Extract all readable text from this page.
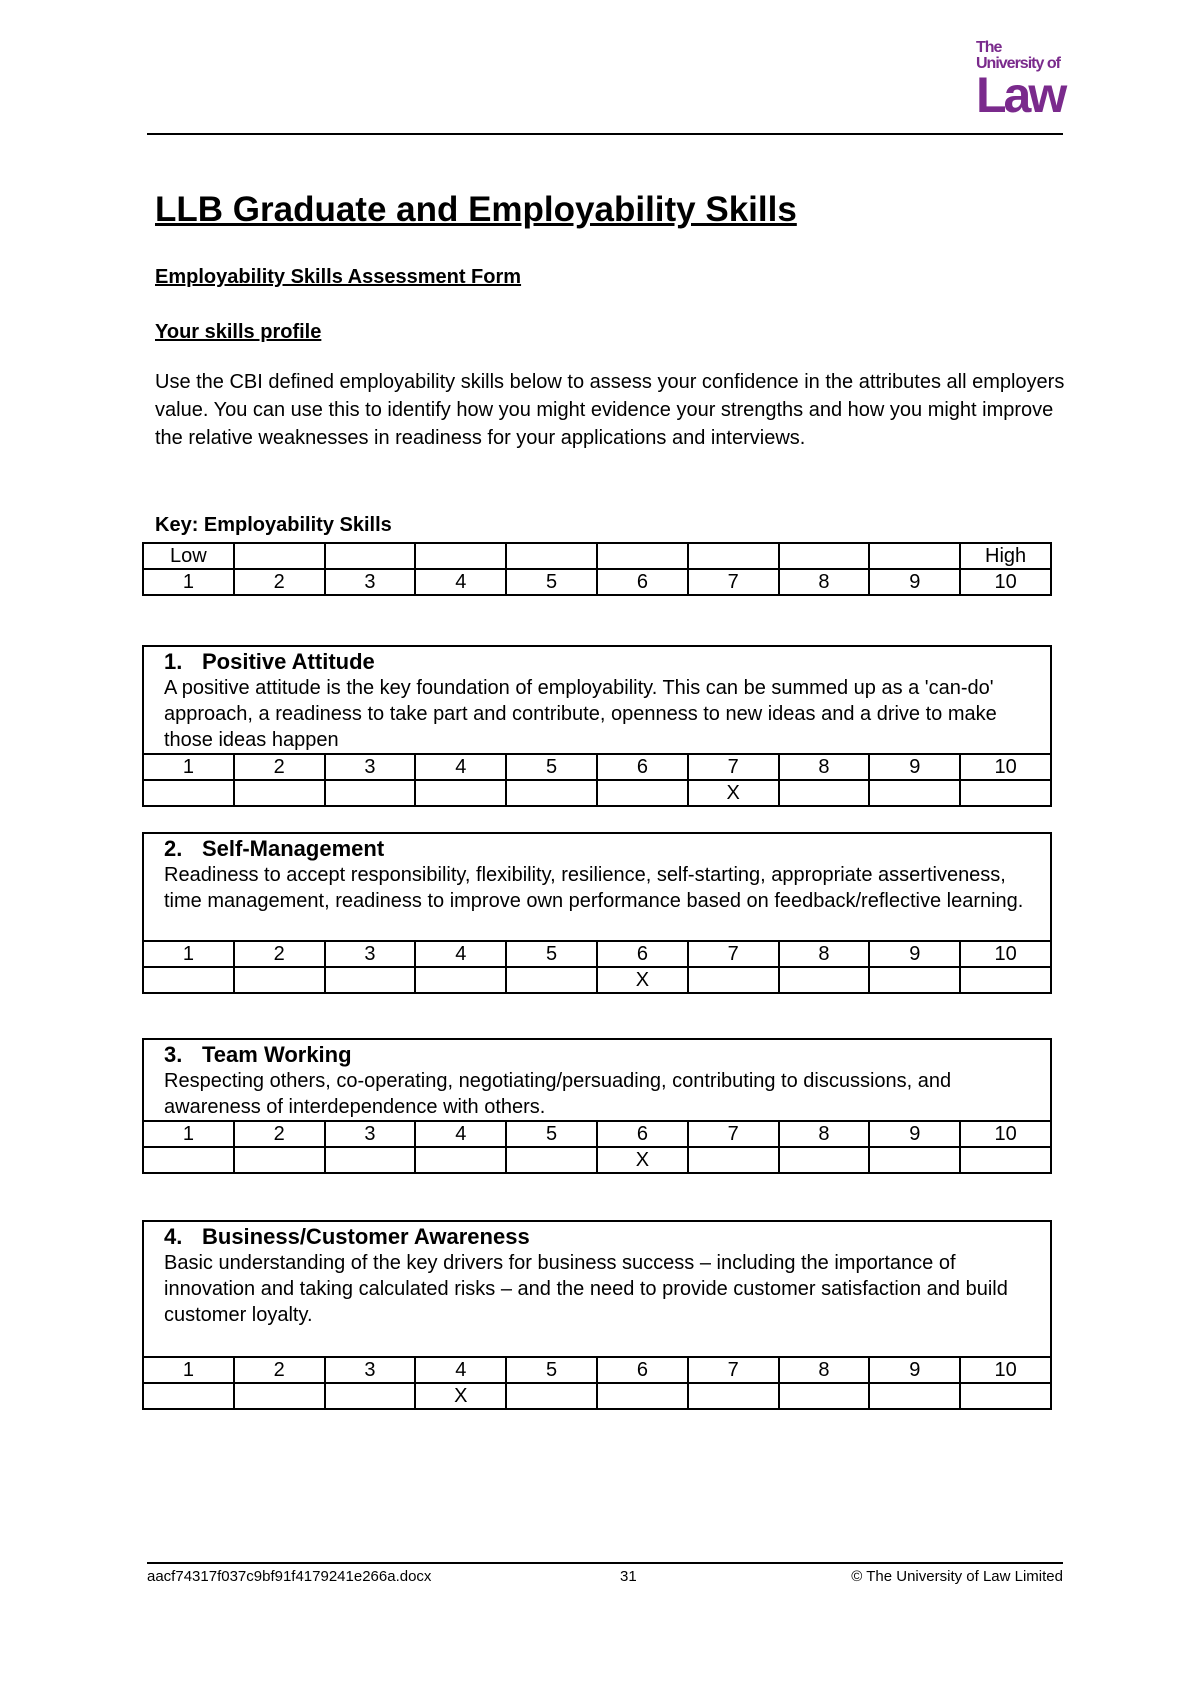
The
University of
Law
LLB Graduate and Employability Skills
Employability Skills Assessment Form
Your skills profile

Use the CBI defined employability skills below to assess your confidence in the attributes all employers value. You can use this to identify how you might evidence your strengths and how you might improve the relative weaknesses in readiness for your applications and interviews.

Key: Employability Skills
Low									High
1	2	3	4	5	6	7	8	9	10
1. Positive Attitude

A positive attitude is the key foundation of employability. This can be summed up as a 'can-do' approach, a readiness to take part and contribute, openness to new ideas and a drive to make those ideas happen

1	2	3	4	5	6	7	8	9	10
						X			
2. Self-Management

Readiness to accept responsibility, flexibility, resilience, self-starting, appropriate assertiveness, time management, readiness to improve own performance based on feedback/reflective learning.

1	2	3	4	5	6	7	8	9	10
					X				
3. Team Working

Respecting others, co-operating, negotiating/persuading, contributing to discussions, and awareness of interdependence with others.

1	2	3	4	5	6	7	8	9	10
					X				
4. Business/Customer Awareness

Basic understanding of the key drivers for business success – including the importance of innovation and taking calculated risks – and the need to provide customer satisfaction and build customer loyalty.

1	2	3	4	5	6	7	8	9	10
			X						
aacf74317f037c9bf91f4179241e266a.docx	31	© The University of Law Limited
